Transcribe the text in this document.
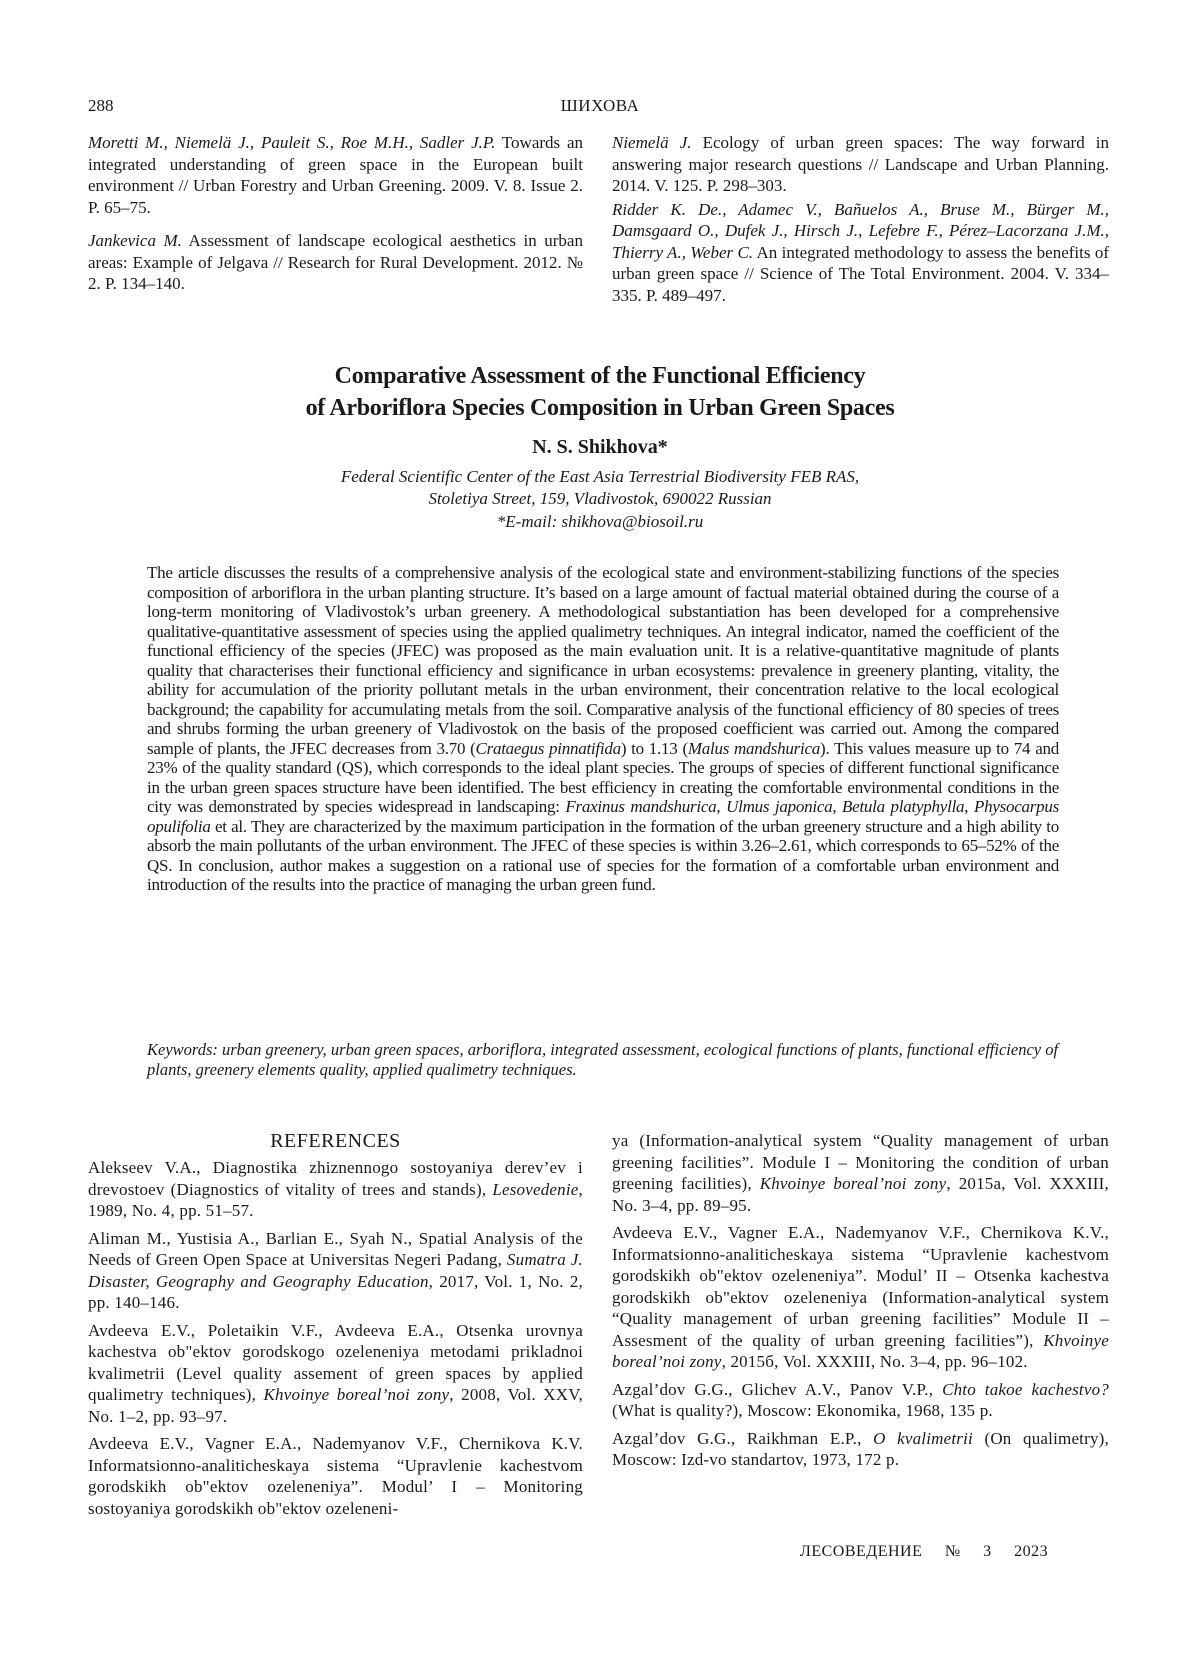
288	ШИХОВА

Moretti M., Niemelä J., Pauleit S., Roe M.H., Sadler J.P. Towards an integrated understanding of green space in the European built environment // Urban Forestry and Urban Greening. 2009. V. 8. Issue 2. P. 65–75.

Jankevica M. Assessment of landscape ecological aesthetics in urban areas: Example of Jelgava // Research for Rural Development. 2012. № 2. P. 134–140.

Niemelä J. Ecology of urban green spaces: The way forward in answering major research questions // Landscape and Urban Planning. 2014. V. 125. P. 298–303.

Ridder K. De., Adamec V., Bañuelos A., Bruse M., Bürger M., Damsgaard O., Dufek J., Hirsch J., Lefebre F., Pérez–Lacorzana J.M., Thierry A., Weber C. An integrated methodology to assess the benefits of urban green space // Science of The Total Environment. 2004. V. 334–335. P. 489–497.

Comparative Assessment of the Functional Efficiency
of Arboriflora Species Composition in Urban Green Spaces
N. S. Shikhova*
Federal Scientific Center of the East Asia Terrestrial Biodiversity FEB RAS,
Stoletiya Street, 159, Vladivostok, 690022 Russian
*E-mail: shikhova@biosoil.ru
The article discusses the results of a comprehensive analysis of the ecological state and environment-stabilizing functions of the species composition of arboriflora in the urban planting structure. It’s based on a large amount of factual material obtained during the course of a long-term monitoring of Vladivostok’s urban greenery. A methodological substantiation has been developed for a comprehensive qualitative-quantitative assessment of species using the applied qualimetry techniques. An integral indicator, named the coefficient of the functional efficiency of the species (JFEC) was proposed as the main evaluation unit. It is a relative-quantitative magnitude of plants quality that characterises their functional efficiency and significance in urban ecosystems: prevalence in greenery planting, vitality, the ability for accumulation of the priority pollutant metals in the urban environment, their concentration relative to the local ecological background; the capability for accumulating metals from the soil. Comparative analysis of the functional efficiency of 80 species of trees and shrubs forming the urban greenery of Vladivostok on the basis of the proposed coefficient was carried out. Among the compared sample of plants, the JFEC decreases from 3.70 (Crataegus pinnatifida) to 1.13 (Malus mandshurica). This values measure up to 74 and 23% of the quality standard (QS), which corresponds to the ideal plant species. The groups of species of different functional significance in the urban green spaces structure have been identified. The best efficiency in creating the comfortable environmental conditions in the city was demonstrated by species widespread in landscaping: Fraxinus mandshurica, Ulmus japonica, Betula platyphylla, Physocarpus opulifolia et al. They are characterized by the maximum participation in the formation of the urban greenery structure and a high ability to absorb the main pollutants of the urban environment. The JFEC of these species is within 3.26–2.61, which corresponds to 65–52% of the QS. In conclusion, author makes a suggestion on a rational use of species for the formation of a comfortable urban environment and introduction of the results into the practice of managing the urban green fund.
Keywords: urban greenery, urban green spaces, arboriflora, integrated assessment, ecological functions of plants, functional efficiency of plants, greenery elements quality, applied qualimetry techniques.
REFERENCES

Alekseev V.A., Diagnostika zhiznennogo sostoyaniya derev’ev i drevostoev (Diagnostics of vitality of trees and stands), Lesovedenie, 1989, No. 4, pp. 51–57.

Aliman M., Yustisia A., Barlian E., Syah N., Spatial Analysis of the Needs of Green Open Space at Universitas Negeri Padang, Sumatra J. Disaster, Geography and Geography Education, 2017, Vol. 1, No. 2, pp. 140–146.

Avdeeva E.V., Poletaikin V.F., Avdeeva E.A., Otsenka urovnya kachestva ob"ektov gorodskogo ozeleneniya metodami prikladnoi kvalimetrii (Level quality assement of green spaces by applied qualimetry techniques), Khvoinye boreal’noi zony, 2008, Vol. XXV, No. 1–2, pp. 93–97.

Avdeeva E.V., Vagner E.A., Nademyanov V.F., Chernikova K.V. Informatsionno-analiticheskaya sistema “Upravlenie kachestvom gorodskikh ob"ektov ozeleneniya”. Modul’ I – Monitoring sostoyaniya gorodskikh ob"ektov ozeleneni-

ya (Information-analytical system “Quality management of urban greening facilities”. Module I – Monitoring the condition of urban greening facilities), Khvoinye boreal’noi zony, 2015a, Vol. XXXIII, No. 3–4, pp. 89–95.

Avdeeva E.V., Vagner E.A., Nademyanov V.F., Chernikova K.V., Informatsionno-analiticheskaya sistema “Upravlenie kachestvom gorodskikh ob"ektov ozeleneniya”. Modul’ II – Otsenka kachestva gorodskikh ob"ektov ozeleneniya (Information-analytical system “Quality management of urban greening facilities” Module II – Assesment of the quality of urban greening facilities”), Khvoinye boreal’noi zony, 2015б, Vol. XXXIII, No. 3–4, pp. 96–102.

Azgal’dov G.G., Glichev A.V., Panov V.P., Chto takoe kachestvo? (What is quality?), Moscow: Ekonomika, 1968, 135 p.

Azgal’dov G.G., Raikhman E.P., O kvalimetrii (On qualimetry), Moscow: Izd-vo standartov, 1973, 172 p.

ЛЕСОВЕДЕНИЕ № 3 2023
